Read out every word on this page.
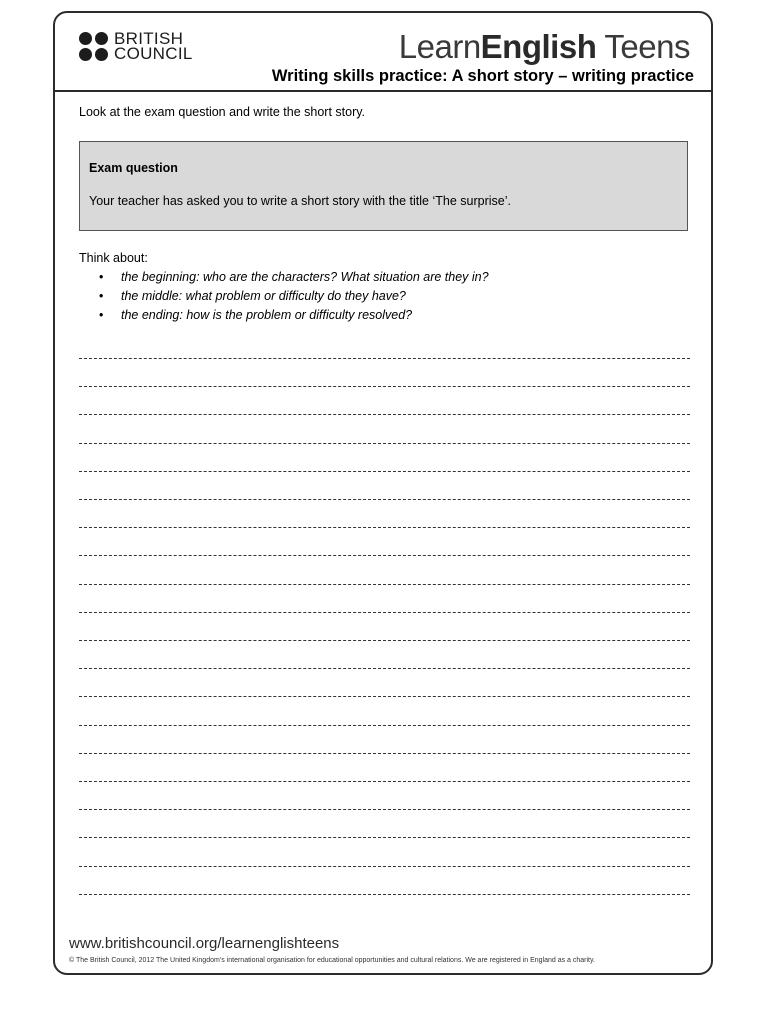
BRITISH
COUNCIL	LearnEnglish Teens
Writing skills practice: A short story – writing practice
Look at the exam question and write the short story.
Exam question
Your teacher has asked you to write a short story with the title ‘The surprise’.
Think about:
• the beginning: who are the characters? What situation are they in?
• the middle: what problem or difficulty do they have?
• the ending: how is the problem or difficulty resolved?
www.britishcouncil.org/learnenglishteens
© The British Council, 2012 The United Kingdom’s international organisation for educational opportunities and cultural relations. We are registered in England as a charity.
